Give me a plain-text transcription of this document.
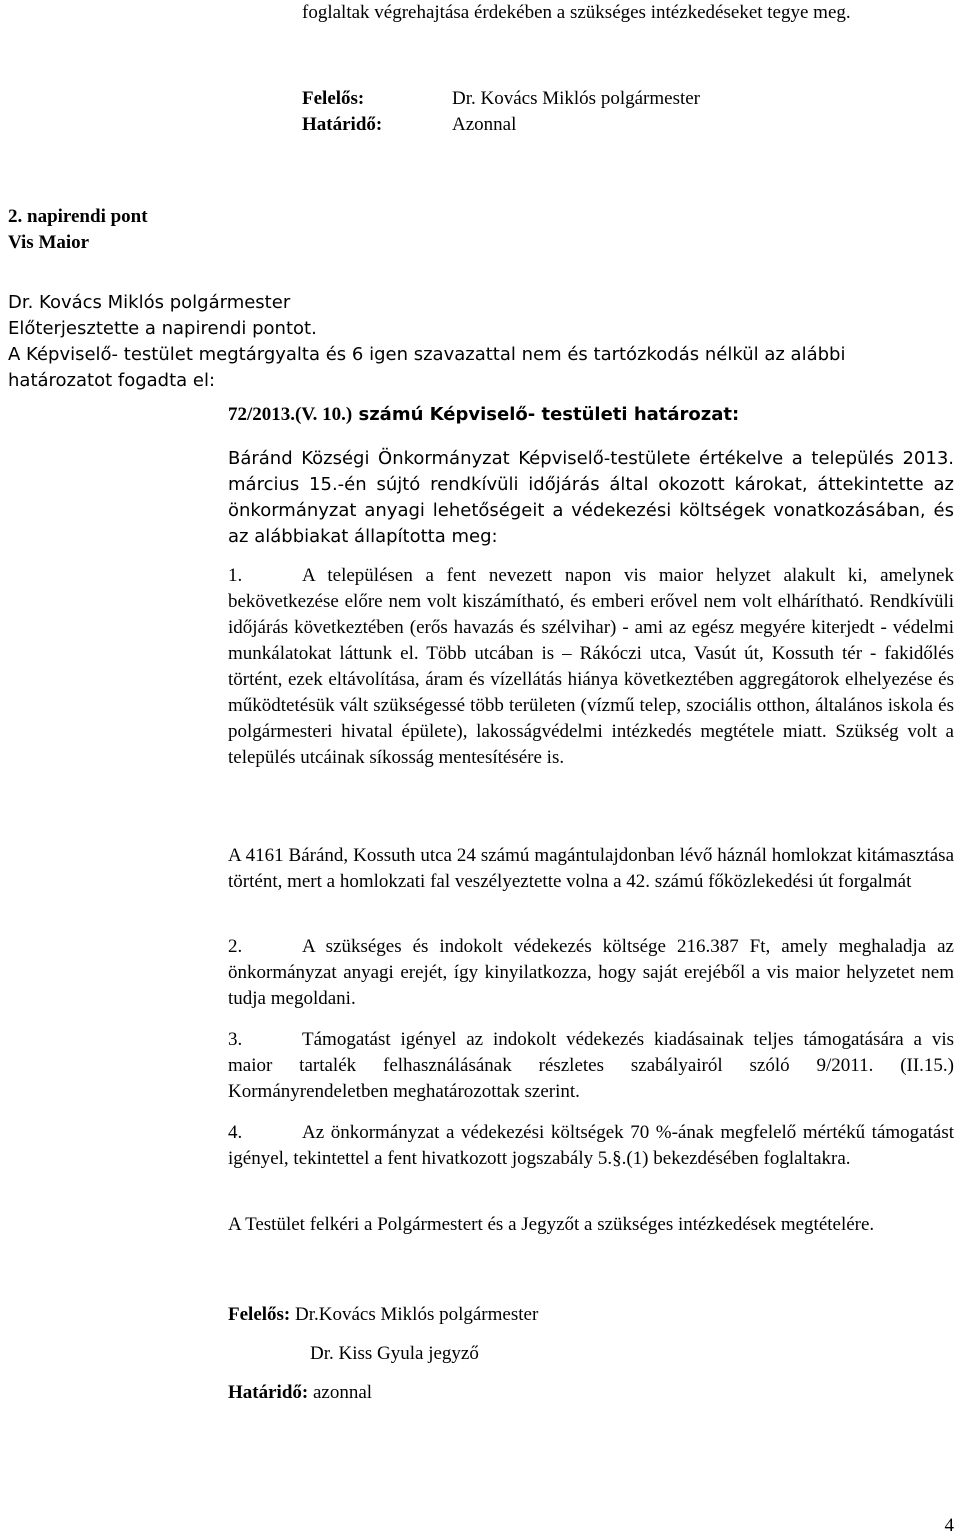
foglaltak végrehajtása érdekében a szükséges intézkedéseket tegye meg.

Felelős:	Dr. Kovács Miklós polgármester
Határidő:	Azonnal

2. napirendi pont

Vis Maior

Dr. Kovács Miklós polgármester

Előterjesztette a napirendi pontot.

A Képviselő- testület megtárgyalta és 6 igen szavazattal nem és tartózkodás nélkül az alábbi határozatot fogadta el:

72/2013.(V. 10.) számú Képviselő- testületi határozat:

Báránd Községi Önkormányzat Képviselő-testülete értékelve a település 2013. március 15.-én sújtó rendkívüli időjárás által okozott károkat, áttekintette az önkormányzat anyagi lehetőségeit a védekezési költségek vonatkozásában, és az alábbiakat állapította meg:

1.	A településen a fent nevezett napon vis maior helyzet alakult ki, amelynek bekövetkezése előre nem volt kiszámítható, és emberi erővel nem volt elhárítható. Rendkívüli időjárás következtében (erős havazás és szélvihar) - ami az egész megyére kiterjedt - védelmi munkálatokat láttunk el. Több utcában is – Rákóczi utca, Vasút út, Kossuth tér - fakidőlés történt, ezek eltávolítása, áram és vízellátás hiánya következtében aggregátorok elhelyezése és működtetésük vált szükségessé több területen (vízmű telep, szociális otthon, általános iskola és polgármesteri hivatal épülete), lakosságvédelmi intézkedés megtétele miatt. Szükség volt a település utcáinak síkosság mentesítésére is.

A 4161 Báránd, Kossuth utca 24 számú magántulajdonban lévő háznál homlokzat kitámasztása történt, mert a homlokzati fal veszélyeztette volna a 42. számú főközlekedési út forgalmát

2.	A szükséges és indokolt védekezés költsége 216.387 Ft, amely meghaladja az önkormányzat anyagi erejét, így kinyilatkozza, hogy saját erejéből a vis maior helyzetet nem tudja megoldani.

3.	Támogatást igényel az indokolt védekezés kiadásainak teljes támogatására a vis maior tartalék felhasználásának részletes szabályairól szóló 9/2011. (II.15.) Kormányrendeletben meghatározottak szerint.

4.	Az önkormányzat a védekezési költségek 70 %-ának megfelelő mértékű támogatást igényel, tekintettel a fent hivatkozott jogszabály 5.§.(1) bekezdésében foglaltakra.

A Testület felkéri a Polgármestert és a Jegyzőt a szükséges intézkedések megtételére.

Felelős: Dr.Kovács Miklós polgármester

Dr. Kiss Gyula jegyző

Határidő: azonnal

4
